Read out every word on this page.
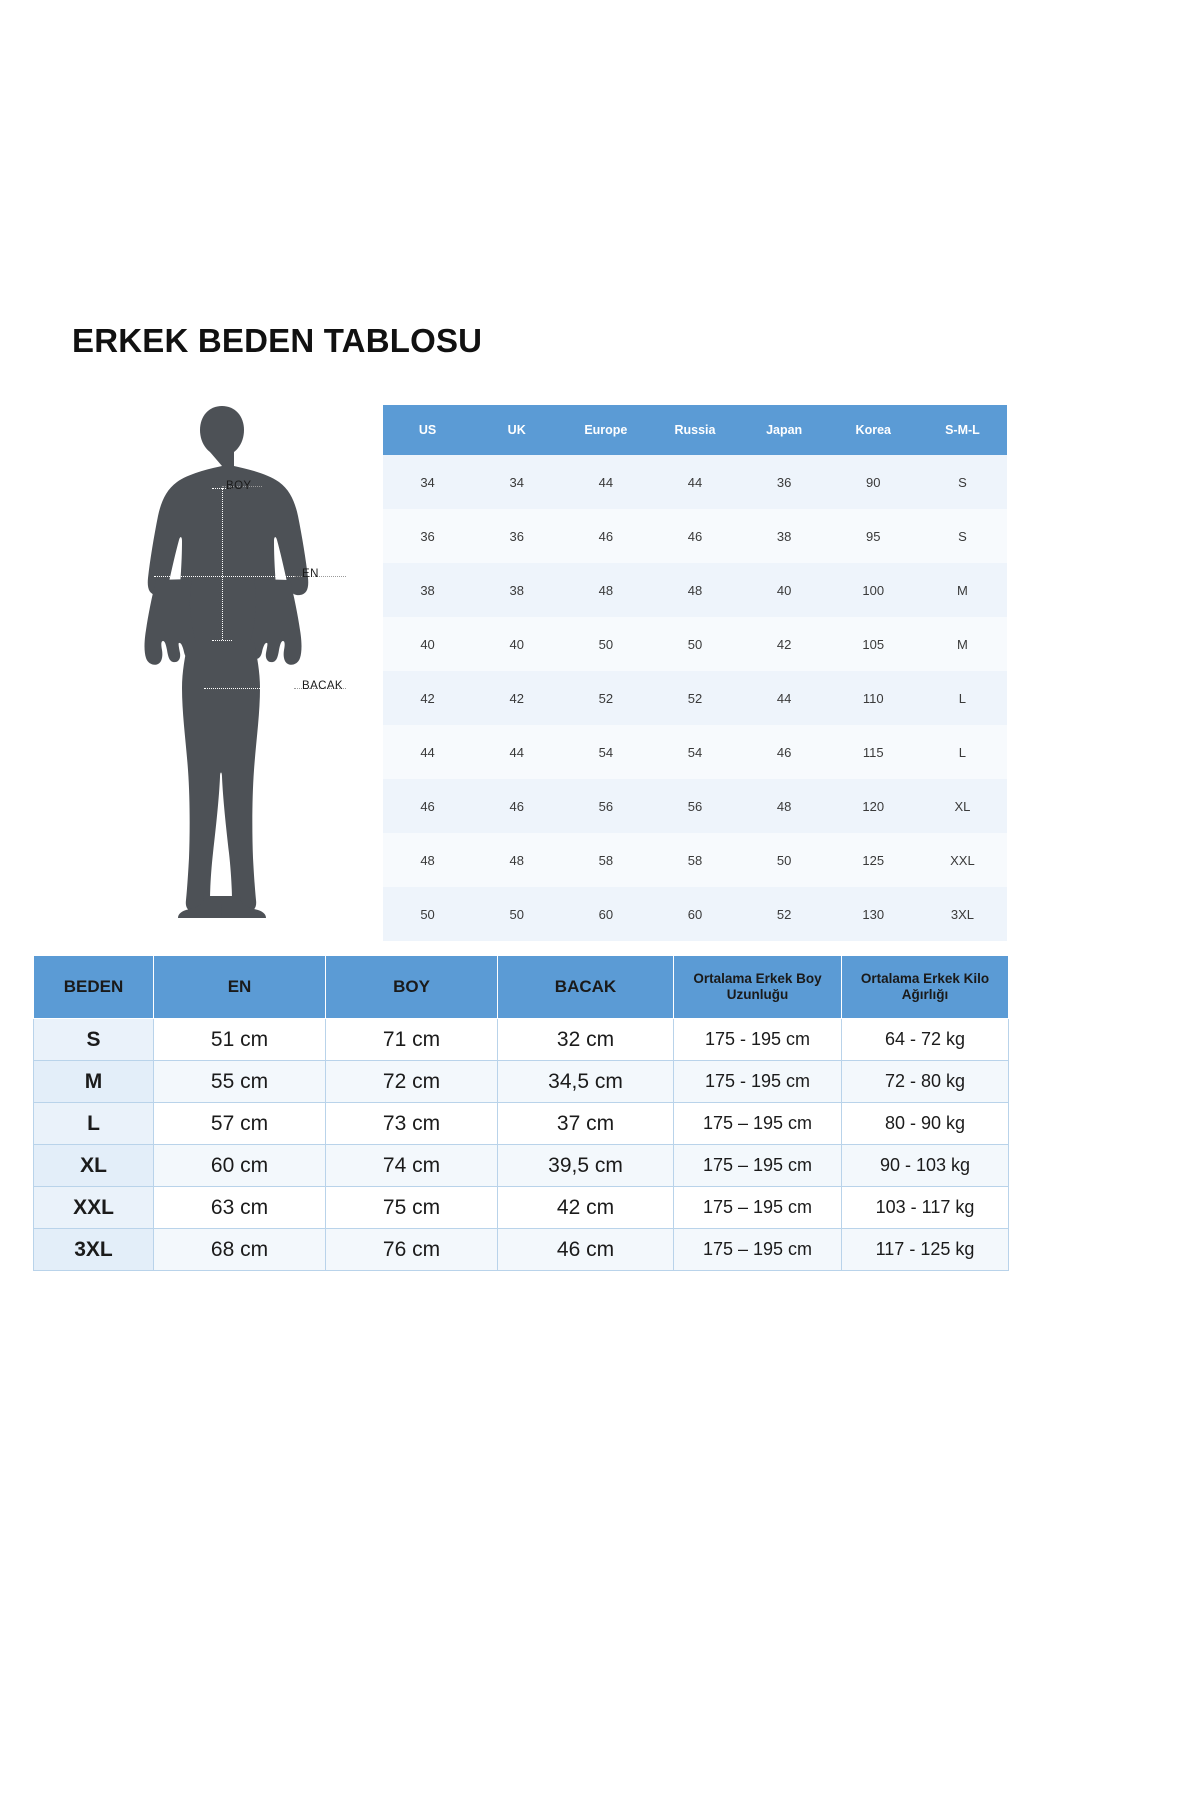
ERKEK BEDEN TABLOSU
BOY
EN
BACAK
US	UK	Europe	Russia	Japan	Korea	S-M-L
34	34	44	44	36	90	S
36	36	46	46	38	95	S
38	38	48	48	40	100	M
40	40	50	50	42	105	M
42	42	52	52	44	110	L
44	44	54	54	46	115	L
46	46	56	56	48	120	XL
48	48	58	58	50	125	XXL
50	50	60	60	52	130	3XL
BEDEN	EN	BOY	BACAK	Ortalama Erkek Boy Uzunluğu	Ortalama Erkek Kilo Ağırlığı
S	51 cm	71 cm	32 cm	175 - 195 cm	64 - 72 kg
M	55 cm	72 cm	34,5 cm	175 - 195 cm	72 - 80 kg
L	57 cm	73 cm	37 cm	175 – 195 cm	80 - 90 kg
XL	60 cm	74 cm	39,5 cm	175 – 195 cm	90 - 103 kg
XXL	63 cm	75 cm	42 cm	175 – 195 cm	103 - 117 kg
3XL	68 cm	76 cm	46 cm	175 – 195 cm	117 - 125 kg
